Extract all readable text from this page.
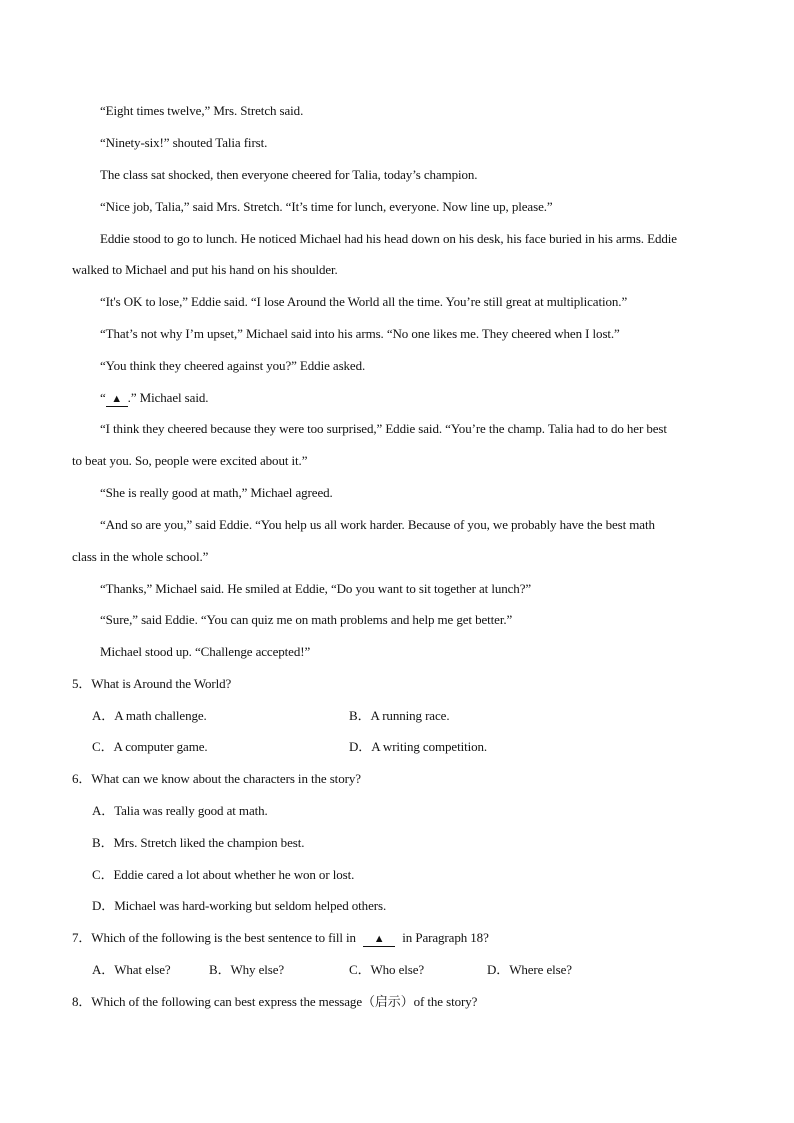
“Eight times twelve,” Mrs. Stretch said.
“Ninety-six!” shouted Talia first.
The class sat shocked, then everyone cheered for Talia, today’s champion.
“Nice job, Talia,” said Mrs. Stretch. “It’s time for lunch, everyone. Now line up, please.”
Eddie stood to go to lunch. He noticed Michael had his head down on his desk, his face buried in his arms. Eddie
walked to Michael and put his hand on his shoulder.
“It's OK to lose,” Eddie said. “I lose Around the World all the time. You’re still great at multiplication.”
“That’s not why I’m upset,” Michael said into his arms. “No one likes me. They cheered when I lost.”
“You think they cheered against you?” Eddie asked.
“ ▲ .” Michael said.
“I think they cheered because they were too surprised,” Eddie said. “You’re the champ. Talia had to do her best
to beat you. So, people were excited about it.”
“She is really good at math,” Michael agreed.
“And so are you,” said Eddie. “You help us all work harder. Because of you, we probably have the best math
class in the whole school.”
“Thanks,” Michael said. He smiled at Eddie, “Do you want to sit together at lunch?”
“Sure,” said Eddie. “You can quiz me on math problems and help me get better.”
Michael stood up. “Challenge accepted!”
5．What is Around the World?
A．A math challenge.	B．A running race.
C．A computer game.	D．A writing competition.
6．What can we know about the characters in the story?
A．Talia was really good at math.
B．Mrs. Stretch liked the champion best.
C．Eddie cared a lot about whether he won or lost.
D．Michael was hard-working but seldom helped others.
7．Which of the following is the best sentence to fill in ▲ in Paragraph 18?
A．What else?	B．Why else?	C．Who else?	D．Where else?
8．Which of the following can best express the message（启示）of the story?
